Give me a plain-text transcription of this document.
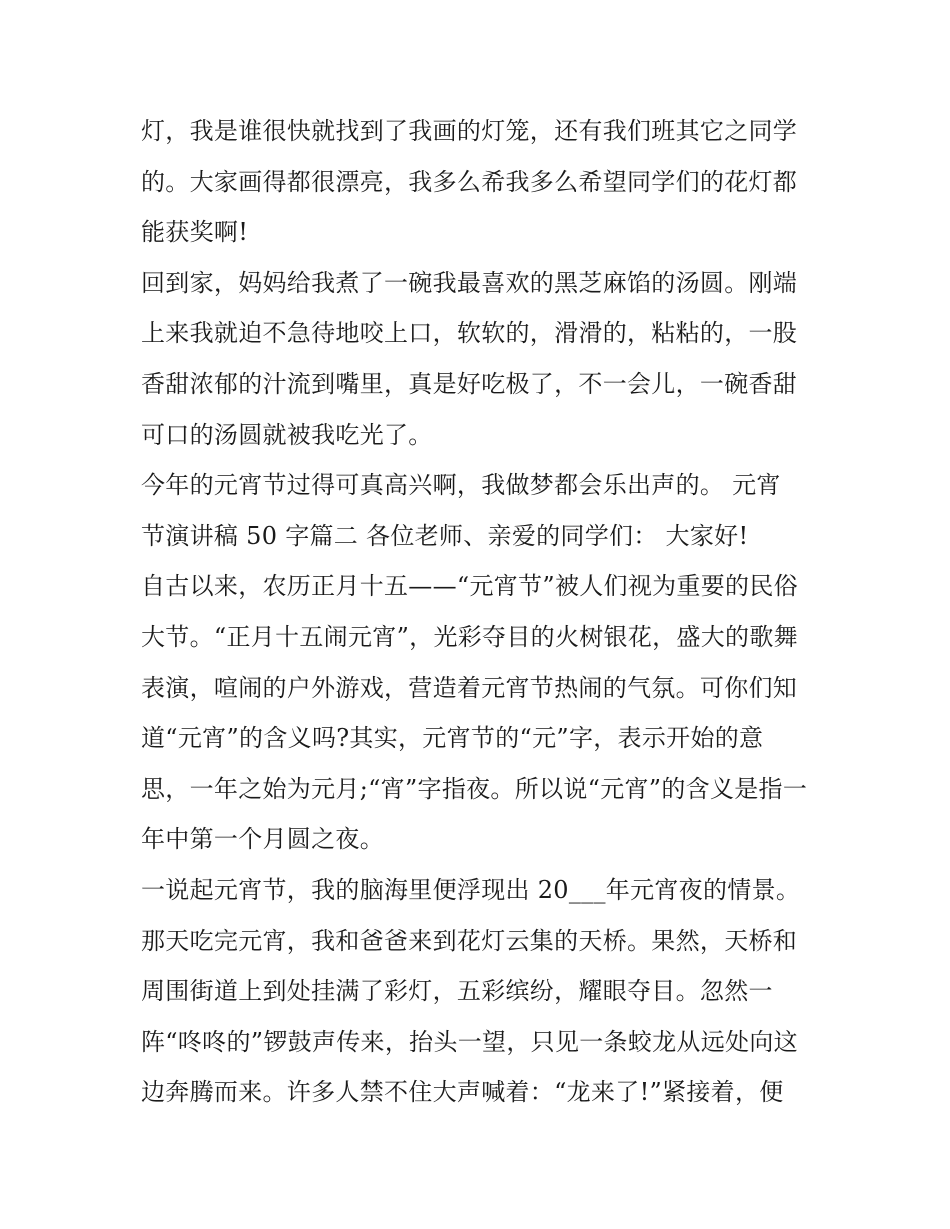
灯，我是谁很快就找到了我画的灯笼，还有我们班其它之同学
的。大家画得都很漂亮，我多么希我多么希望同学们的花灯都
能获奖啊!
回到家，妈妈给我煮了一碗我最喜欢的黑芝麻馅的汤圆。刚端
上来我就迫不急待地咬上口，软软的，滑滑的，粘粘的，一股
香甜浓郁的汁流到嘴里，真是好吃极了，不一会儿，一碗香甜
可口的汤圆就被我吃光了。
今年的元宵节过得可真高兴啊，我做梦都会乐出声的。 元宵
节演讲稿 50 字篇二 各位老师、亲爱的同学们： 大家好!
自古以来，农历正月十五——“元宵节”被人们视为重要的民俗
大节。“正月十五闹元宵”，光彩夺目的火树银花，盛大的歌舞
表演，喧闹的户外游戏，营造着元宵节热闹的气氛。可你们知
道“元宵”的含义吗?其实，元宵节的“元”字，表示开始的意
思，一年之始为元月;“宵”字指夜。所以说“元宵”的含义是指一
年中第一个月圆之夜。
一说起元宵节，我的脑海里便浮现出 20___年元宵夜的情景。
那天吃完元宵，我和爸爸来到花灯云集的天桥。果然，天桥和
周围街道上到处挂满了彩灯，五彩缤纷，耀眼夺目。忽然一
阵“咚咚的”锣鼓声传来，抬头一望，只见一条蛟龙从远处向这
边奔腾而来。许多人禁不住大声喊着：“龙来了!”紧接着，便
